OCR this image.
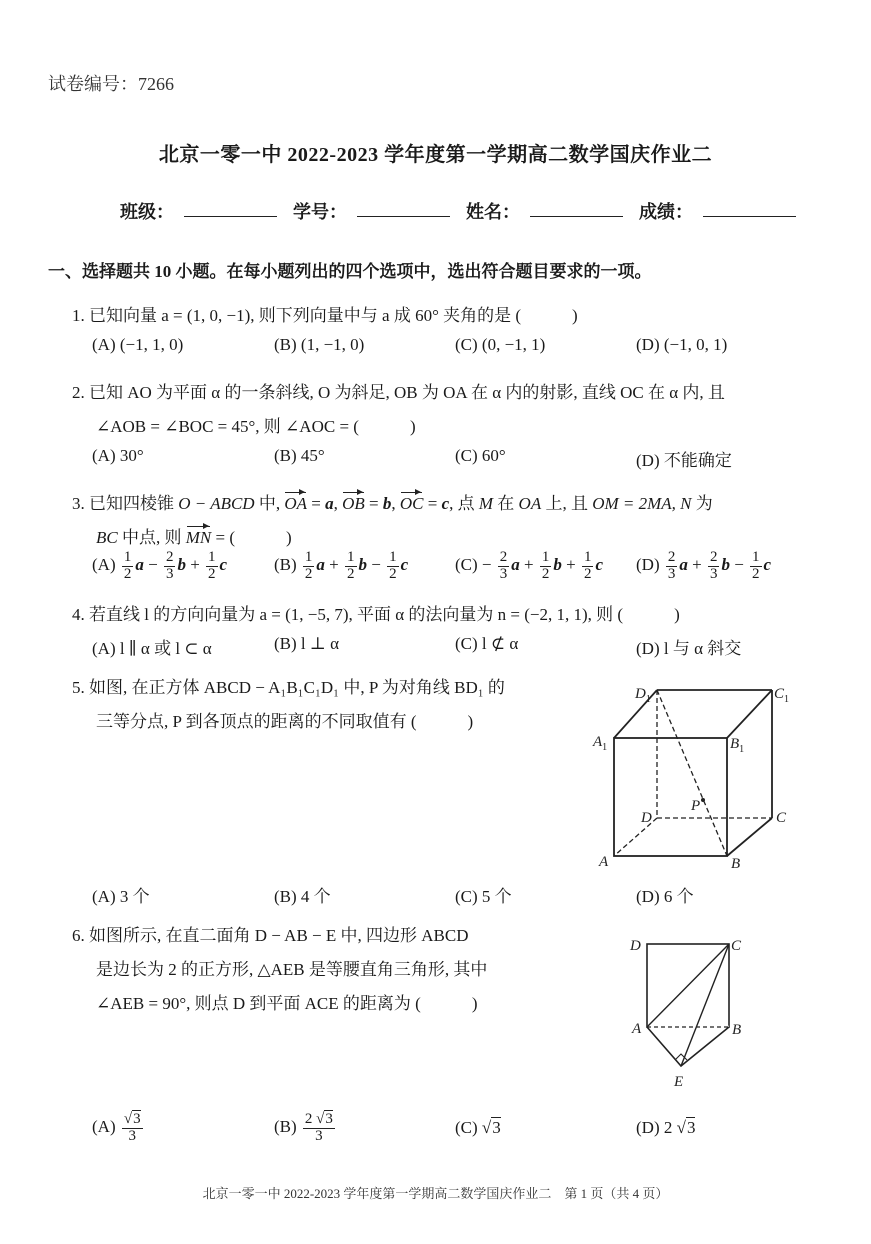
试卷编号：7266
北京一零一中 2022-2023 学年度第一学期高二数学国庆作业二
班级：	学号：	姓名：	成绩：
一、选择题共 10 小题。在每小题列出的四个选项中，选出符合题目要求的一项。
1. 已知向量 a = (1, 0, −1), 则下列向量中与 a 成 60° 夹角的是 (　　　)
(A) (−1, 1, 0)	(B) (1, −1, 0)	(C) (0, −1, 1)	(D) (−1, 0, 1)
2. 已知 AO 为平面 α 的一条斜线, O 为斜足, OB 为 OA 在 α 内的射影, 直线 OC 在 α 内, 且
∠AOB = ∠BOC = 45°, 则 ∠AOC = (　　　)
(A) 30°	(B) 45°	(C) 60°	(D) 不能确定
3. 已知四棱锥 O − ABCD 中, OA = a, OB = b, OC = c, 点 M 在 OA 上, 且 OM = 2MA, N 为
BC 中点, 则 MN = (　　　)
$(A) \frac{1}{2}$ $a - \frac{2}{3}$ $b + \frac{1}{2}$ c	$(B) \frac{1}{2}$ $a + \frac{1}{2}$ $b - \frac{1}{2}$ c	$(C) - \frac{2}{3}$ $a + \frac{1}{2}$ $b + \frac{1}{2}$ c $(D) \frac{2}{3}$ $a + \frac{2}{3}$ $b - \frac{1}{2}$ c
4. 若直线 l 的方向向量为 a = (1, −5, 7), 平面 α 的法向量为 n = (−2, 1, 1), 则 (　　　)
(A) l ∥ α 或 l ⊂ α	(B) l ⊥ α	(C) l ⊄ α	(D) l 与 α 斜交
5. 如图, 在正方体 ABCD − A₁B₁C₁D₁ 中, P 为对角线 BD₁ 的
三等分点, P 到各顶点的距离的不同取值有 (　　　)
$D_1$	$C_1$
$A_1$	$B_1$
D
P
C
A	B
(A) 3 个	(B) 4 个	(C) 5 个	(D) 6 个
6. 如图所示, 在直二面角 D − AB − E 中, 四边形 ABCD
是边长为 2 的正方形, △AEB 是等腰直角三角形, 其中
∠AEB = 90°, 则点 D 到平面 ACE 的距离为 (　　　)
D	C
A	B
E
$(A) \frac{√3}{3}$	$(B) \frac{2 √3}{3}$	(C) √3	(D) 2 √3
北京一零一中 2022-2023 学年度第一学期高二数学国庆作业二　第 1 页（共 4 页）
